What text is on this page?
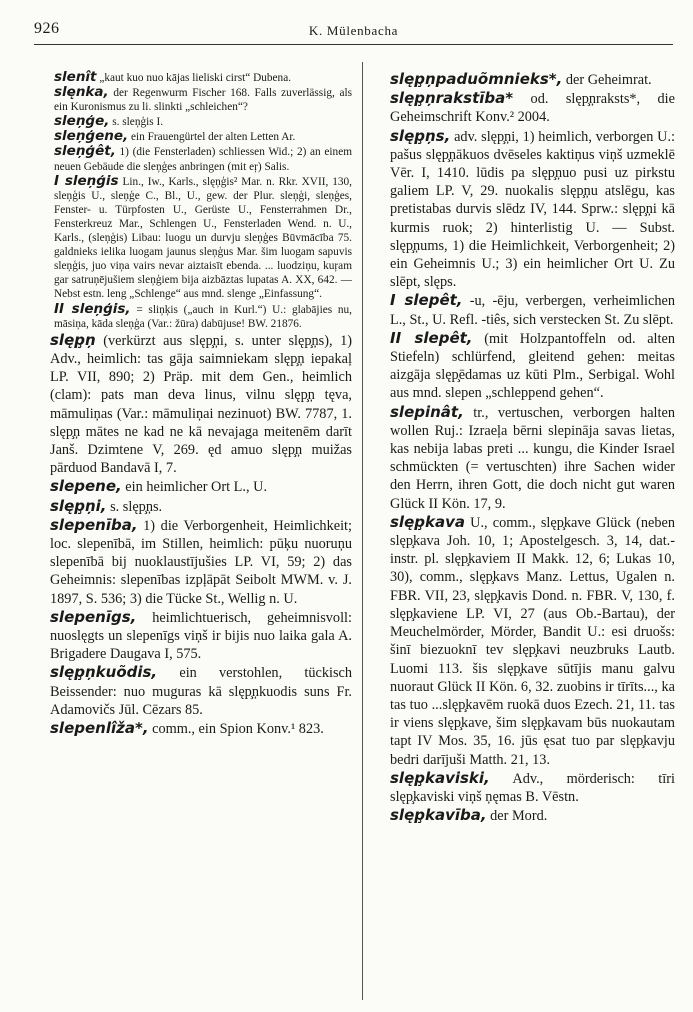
926	K. Mülenbacha

slenît „kaut kuo nuo kājas lieliski cirst“ Dubena.

slęnka, der Regenwurm Fischer 168. Falls zuverlässig, als ein Kuronismus zu li. slinkti „schleichen“?

sleņģe, s. sleņģis I.

sleņģene, ein Frauengürtel der alten Letten Ar.

sleņģêt, 1) (die Fensterladen) schliessen Wid.; 2) an einem neuen Gebäude die sleņģes anbringen (mit eŗ) Salis.

I sleņģis Lin., Iw., Karls., slęņģis² Mar. n. Rkr. XVII, 130, sleņģis U., sleņģe C., Bl., U., gew. der Plur. sleņģi, sleņģes, Fenster- u. Türpfosten U., Gerüste U., Fensterrahmen Dr., Fensterkreuz Mar., Schlengen U., Fensterladen Wend. n. U., Karls., (sleņģis) Libau: luogu un durvju sleņģes Būvmācība 75. galdnieks ielika luogam jaunus sleņģus Mar. šim luogam sapuvis sleņģis, juo viņa vairs nevar aiztaisīt ebenda. ... luodziņu, kuŗam gar satruņējušiem sleņģiem bija aizbāztas lupatas A. XX, 642. — Nebst estn. leng „Schlenge“ aus mnd. slenge „Einfassung“.

II sleņģis, = sliņķis („auch in Kurl.“) U.: glabājies nu, māsiņa, kāda sleņģa (Var.: žūra) dabūjuse! BW. 21876.

slęp̧ņ (verkürzt aus slęp̧ņi, s. unter slęp̧ņs), 1) Adv., heimlich: tas gāja saimniekam slęp̧ņ iepakaļ LP. VII, 890; 2) Präp. mit dem Gen., heimlich (clam): pats man deva linus, vilnu slęp̧ņ tęva, māmuliņas (Var.: māmuliņai nezinuot) BW. 7787, 1. slęp̧ņ mātes ne kad ne kā nevajaga meitenēm darīt Janš. Dzimtene V, 269. ęd amuo slęp̧ņ muižas pārduod Bandavā I, 7.

slepene, ein heimlicher Ort L., U.

slęp̧ņi, s. slęp̧ņs.

slepenība, 1) die Verborgenheit, Heimlichkeit; loc. slepenībā, im Stillen, heimlich: pūķu nuoruņu slepenībā bij nuoklaustījušies LP. VI, 59; 2) das Geheimnis: slepenības izpļāpāt Seibolt MWM. v. J. 1897, S. 536; 3) die Tücke St., Wellig n. U.

slepenīgs, heimlichtuerisch, geheimnisvoll: nuoslęgts un slepenīgs viņš ir bijis nuo laika gala A. Brigadere Daugava I, 575.

slęp̧ņkuõdis, ein verstohlen, tückisch Beissender: nuo muguras kā slęp̧ņkuodis suns Fr. Adamovičs Jūl. Cēzars 85.

slepenlîža*, comm., ein Spion Konv.¹ 823.

slęp̧ņpaduõmnieks*, der Geheimrat.

slęp̧ņrakstība* od. slęp̧ņraksts*, die Geheimschrift Konv.² 2004.

slęp̧ņs, adv. slęp̧ņi, 1) heimlich, verborgen U.: pašus slęp̧ņākuos dvēseles kaktiņus viņš uzmeklē Vēr. I, 1410. lūdis pa slęp̧ņuo pusi uz pirkstu galiem LP. V, 29. nuokalis slęp̧ņu atslēgu, kas pretistabas durvis slēdz IV, 144. Sprw.: slęp̧ņi kā kurmis ruok; 2) hinterlistig U. — Subst. slęp̧ņums, 1) die Heimlichkeit, Verborgenheit; 2) ein Geheimnis U.; 3) ein heimlicher Ort U. Zu slēpt, slęps.

I slepêt, -u, -ēju, verbergen, verheimlichen L., St., U. Refl. -tiês, sich verstecken St. Zu slēpt.

II slepêt, (mit Holzpantoffeln od. alten Stiefeln) schlürfend, gleitend gehen: meitas aizgāja slęp̧ēdamas uz kūti Plm., Serbigal. Wohl aus mnd. slepen „schleppend gehen“.

slepinât, tr., vertuschen, verborgen halten wollen Ruj.: Izraeļa bērni slepināja savas lietas, kas nebija labas preti ... kungu, die Kinder Israel schmückten (= vertuschten) ihre Sachen wider den Herrn, ihren Gott, die doch nicht gut waren Glück II Kön. 17, 9.

slęp̧kava U., comm., slęp̧kave Glück (neben slęp̧kava Joh. 10, 1; Apostelgesch. 3, 14, dat.-instr. pl. slęp̧kaviem II Makk. 12, 6; Lukas 10, 30), comm., slęp̧kavs Manz. Lettus, Ugalen n. FBR. VII, 23, slęp̧kavis Dond. n. FBR. V, 130, f. slęp̧kaviene LP. VI, 27 (aus Ob.-Bartau), der Meuchelmörder, Mörder, Bandit U.: esi druošs: šinī biezuoknī tev slęp̧kavi neuzbruks Lautb. Luomi 113. šis slęp̧kave sūtījis manu galvu nuoraut Glück II Kön. 6, 32. zuobins ir tīrīts..., ka tas tuo ...slęp̧kavēm ruokā duos Ezech. 21, 11. tas ir viens slęp̧kave, šim slęp̧kavam būs nuokautam tapt IV Mos. 35, 16. jūs ęsat tuo par slęp̧kavju bedri darījuši Matth. 21, 13.

slęp̧kaviski, Adv., mörderisch: tīri slęp̧kaviski viņš ņęmas B. Vēstn.

slęp̧kavība, der Mord.
